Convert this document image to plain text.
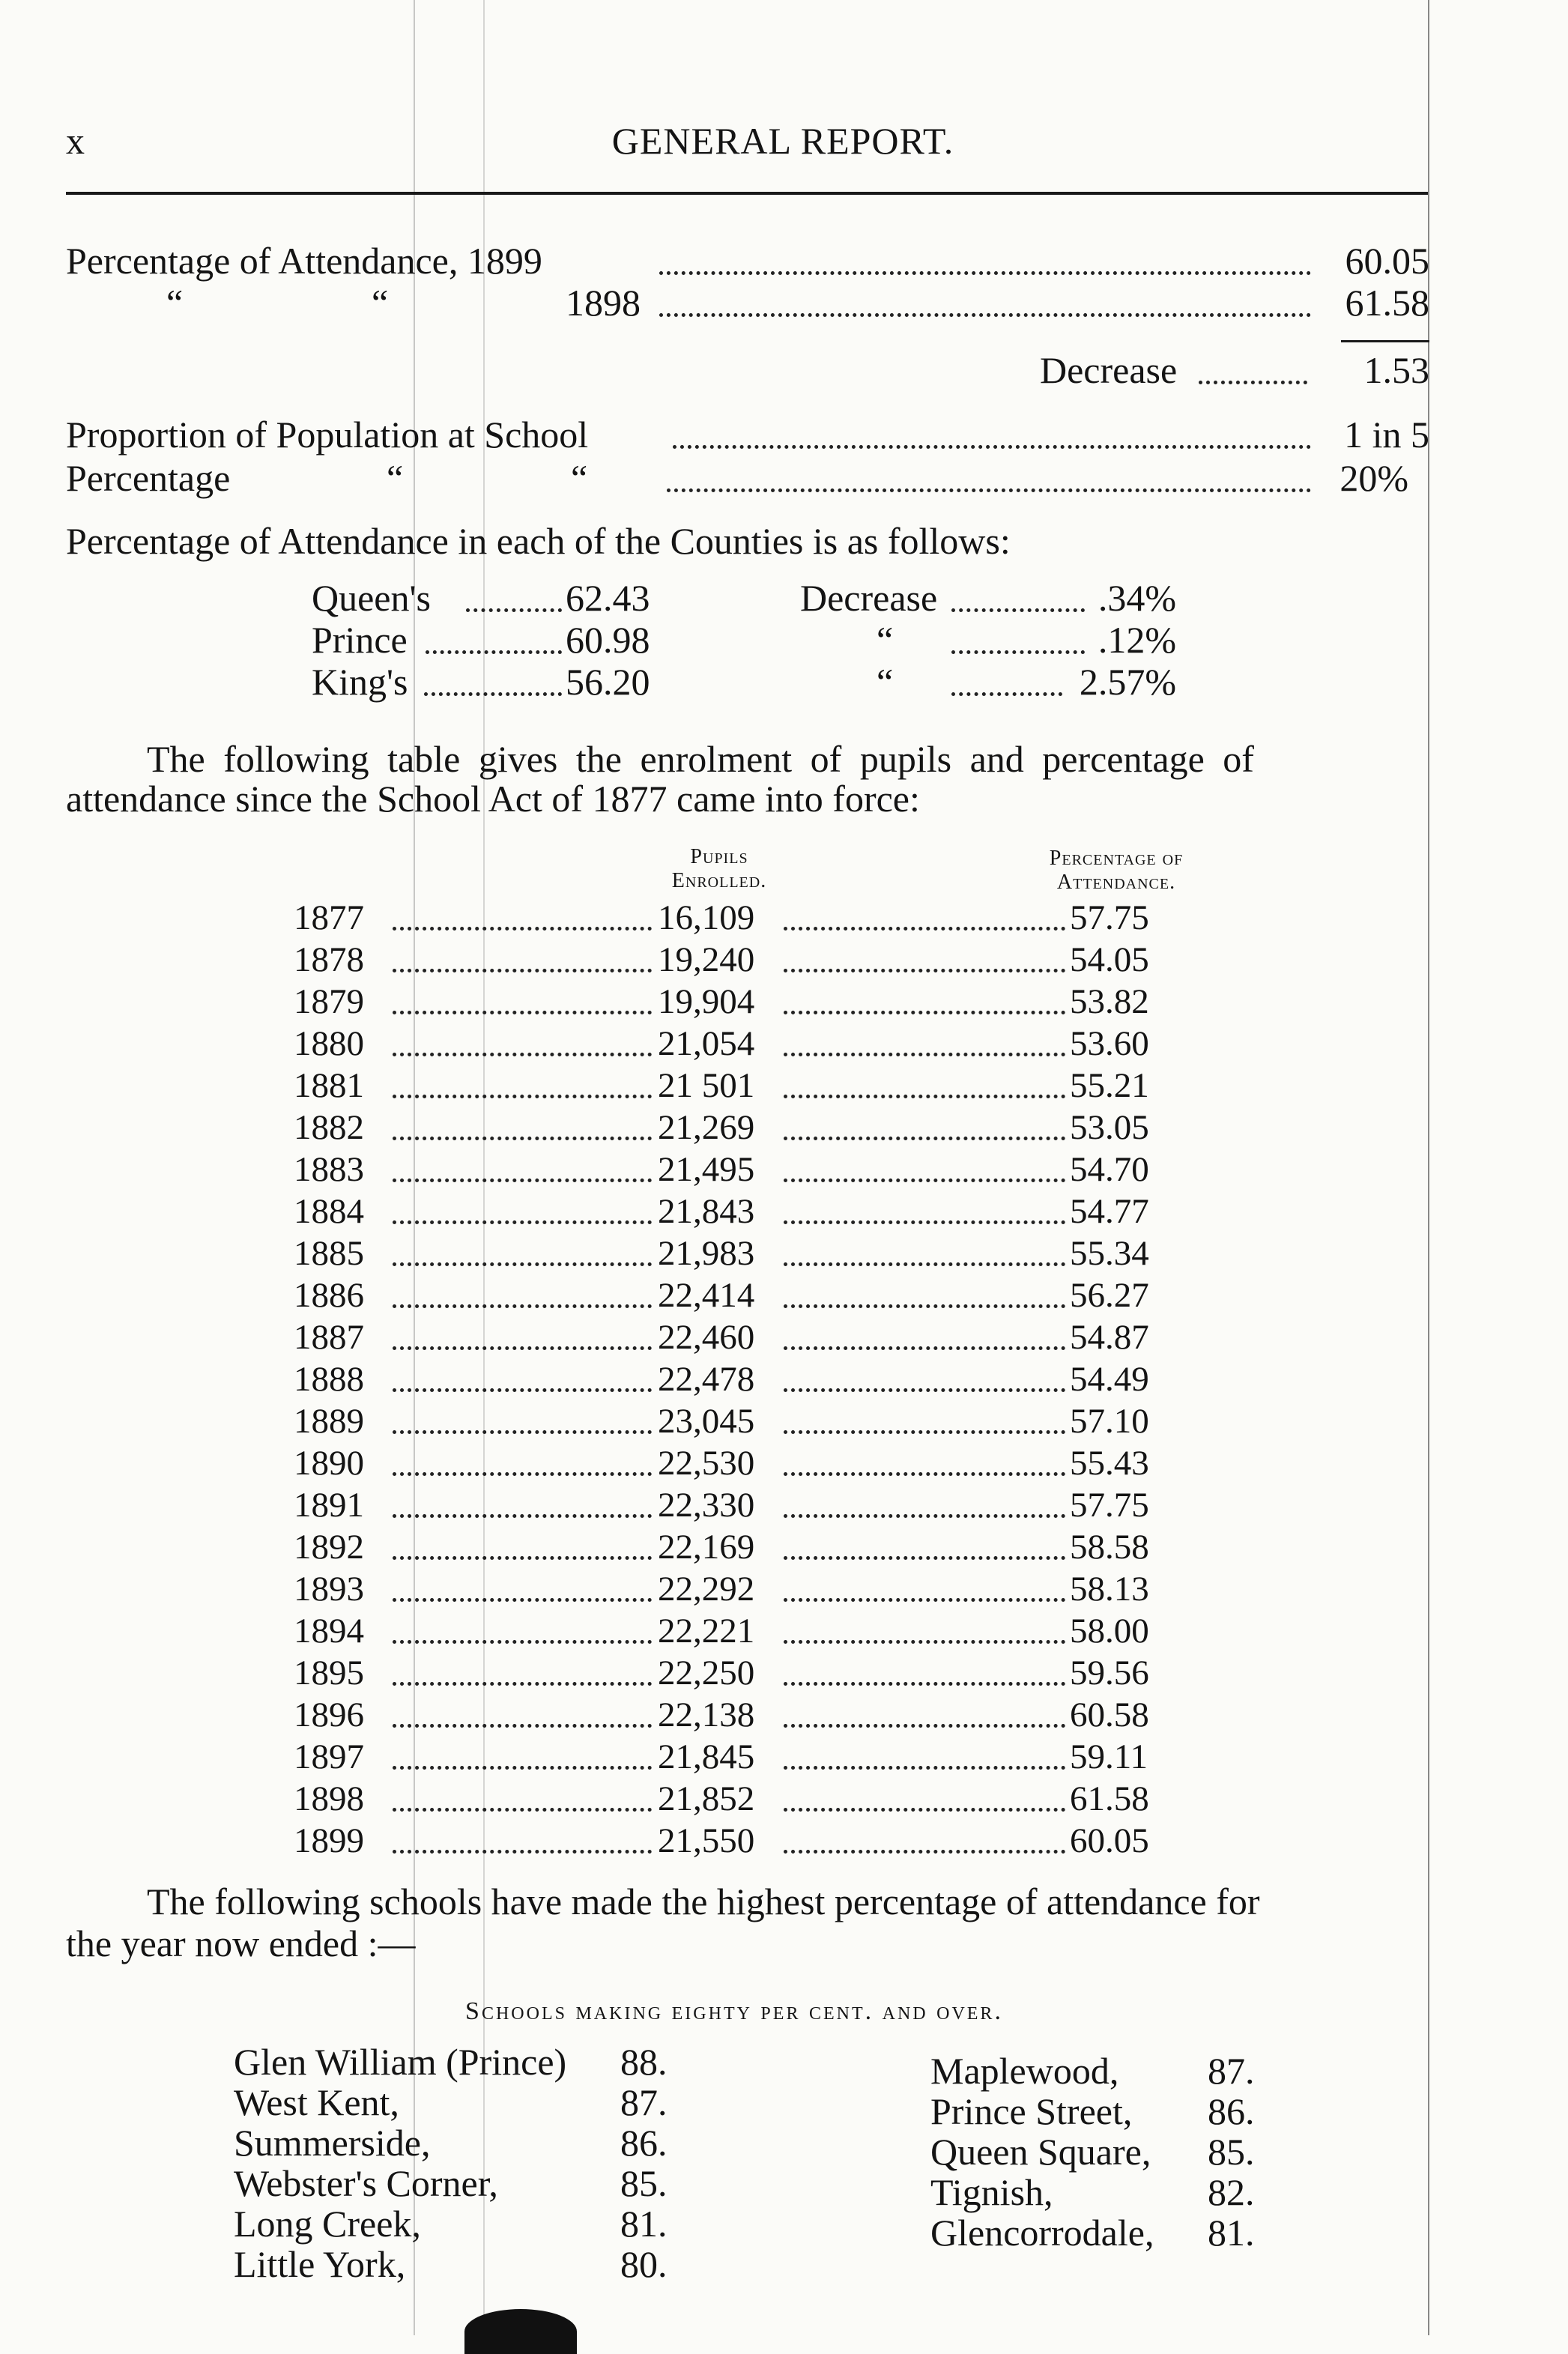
x	GENERAL REPORT.
Percentage of Attendance, 1899	60.05
“	“	1898	61.58
Decrease	1.53
Proportion of Population at School	1 in 5
Percentage	“	“	20%
Percentage of Attendance in each of the Counties is as follows:
Queen's	62.43	Decrease	.34%
Prince	60.98	“	.12%
King's	56.20	“	2.57%
The following table gives the enrolment of pupils and percentage of
attendance since the School Act of 1877 came into force:
Pupils
Enrolled.
Percentage of
Attendance.
1877	16,109	57.75
1878	19,240	54.05
1879	19,904	53.82
1880	21,054	53.60
1881	21 501	55.21
1882	21,269	53.05
1883	21,495	54.70
1884	21,843	54.77
1885	21,983	55.34
1886	22,414	56.27
1887	22,460	54.87
1888	22,478	54.49
1889	23,045	57.10
1890	22,530	55.43
1891	22,330	57.75
1892	22,169	58.58
1893	22,292	58.13
1894	22,221	58.00
1895	22,250	59.56
1896	22,138	60.58
1897	21,845	59.11
1898	21,852	61.58
1899	21,550	60.05
The following schools have made the highest percentage of attendance for
the year now ended :—
Schools making eighty per cent. and over.
Glen William (Prince) 88.
West Kent,	87.
Summerside,	86.
Webster's Corner,	85.
Long Creek,	81.
Little York,	80.
Maplewood, 87.
Prince Street, 86.
Queen Square, 85.
Tignish,	82.
Glencorrodale, 81.
